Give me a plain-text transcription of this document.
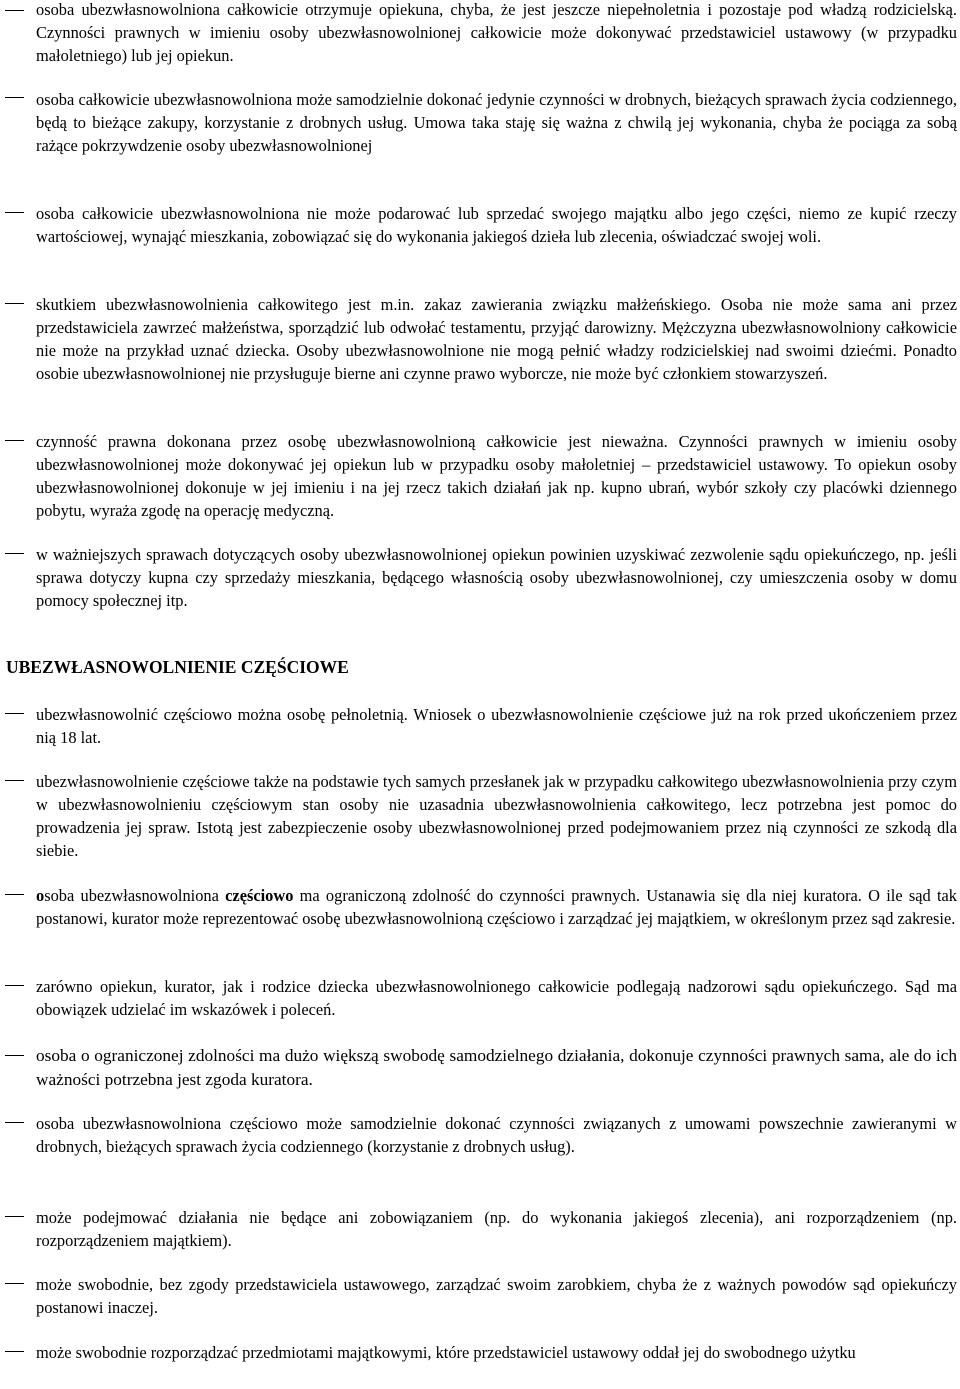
osoba ubezwłasnowolniona całkowicie otrzymuje opiekuna, chyba, że jest jeszcze niepełnoletnia i pozostaje pod władzą rodzicielską. Czynności prawnych w imieniu osoby ubezwłasnowolnionej całkowicie może dokonywać przedstawiciel ustawowy (w przypadku małoletniego) lub jej opiekun.
osoba całkowicie ubezwłasnowolniona może samodzielnie dokonać jedynie czynności w drobnych, bieżących sprawach życia codziennego, będą to bieżące zakupy, korzystanie z drobnych usług. Umowa taka staję się ważna z chwilą jej wykonania, chyba że pociąga za sobą rażące pokrzywdzenie osoby ubezwłasnowolnionej
osoba całkowicie ubezwłasnowolniona nie może podarować lub sprzedać swojego majątku albo jego części, niemo ze kupić rzeczy wartościowej, wynająć mieszkania, zobowiązać się do wykonania jakiegoś dzieła lub zlecenia, oświadczać swojej woli.
skutkiem ubezwłasnowolnienia całkowitego jest m.in. zakaz zawierania związku małżeńskiego. Osoba nie może sama ani przez przedstawiciela zawrzeć małżeństwa, sporządzić lub odwołać testamentu, przyjąć darowizny. Mężczyzna ubezwłasnowolniony całkowicie nie może na przykład uznać dziecka. Osoby ubezwłasnowolnione nie mogą pełnić władzy rodzicielskiej nad swoimi dziećmi. Ponadto osobie ubezwłasnowolnionej nie przysługuje bierne ani czynne prawo wyborcze, nie może być członkiem stowarzyszeń.
czynność prawna dokonana przez osobę ubezwłasnowolnioną całkowicie jest nieważna. Czynności prawnych w imieniu osoby ubezwłasnowolnionej może dokonywać jej opiekun lub w przypadku osoby małoletniej – przedstawiciel ustawowy. To opiekun osoby ubezwłasnowolnionej dokonuje w jej imieniu i na jej rzecz takich działań jak np. kupno ubrań, wybór szkoły czy placówki dziennego pobytu, wyraża zgodę na operację medyczną.
w ważniejszych sprawach dotyczących osoby ubezwłasnowolnionej opiekun powinien uzyskiwać zezwolenie sądu opiekuńczego, np. jeśli sprawa dotyczy kupna czy sprzedaży mieszkania, będącego własnością osoby ubezwłasnowolnionej, czy umieszczenia osoby w domu pomocy społecznej itp.
UBEZWŁASNOWOLNIENIE CZĘŚCIOWE
ubezwłasnowolnić częściowo można osobę pełnoletnią. Wniosek o ubezwłasnowolnienie częściowe już na rok przed ukończeniem przez nią 18 lat.
ubezwłasnowolnienie częściowe także na podstawie tych samych przesłanek jak w przypadku całkowitego ubezwłasnowolnienia przy czym w ubezwłasnowolnieniu częściowym stan osoby nie uzasadnia ubezwłasnowolnienia całkowitego, lecz potrzebna jest pomoc do prowadzenia jej spraw. Istotą jest zabezpieczenie osoby ubezwłasnowolnionej przed podejmowaniem przez nią czynności ze szkodą dla siebie.
osoba ubezwłasnowolniona częściowo ma ograniczoną zdolność do czynności prawnych. Ustanawia się dla niej kuratora. O ile sąd tak postanowi, kurator może reprezentować osobę ubezwłasnowolnioną częściowo i zarządzać jej majątkiem, w określonym przez sąd zakresie.
zarówno opiekun, kurator, jak i rodzice dziecka ubezwłasnowolnionego całkowicie podlegają nadzorowi sądu opiekuńczego. Sąd ma obowiązek udzielać im wskazówek i poleceń.
osoba o ograniczonej zdolności ma dużo większą swobodę samodzielnego działania, dokonuje czynności prawnych sama, ale do ich ważności potrzebna jest zgoda kuratora.
osoba ubezwłasnowolniona częściowo może samodzielnie dokonać czynności związanych z umowami powszechnie zawieranymi w drobnych, bieżących sprawach życia codziennego (korzystanie z drobnych usług).
może podejmować działania nie będące ani zobowiązaniem (np. do wykonania jakiegoś zlecenia), ani rozporządzeniem (np. rozporządzeniem majątkiem).
może swobodnie, bez zgody przedstawiciela ustawowego, zarządzać swoim zarobkiem, chyba że z ważnych powodów sąd opiekuńczy postanowi inaczej.
może swobodnie rozporządzać przedmiotami majątkowymi, które przedstawiciel ustawowy oddał jej do swobodnego użytku
